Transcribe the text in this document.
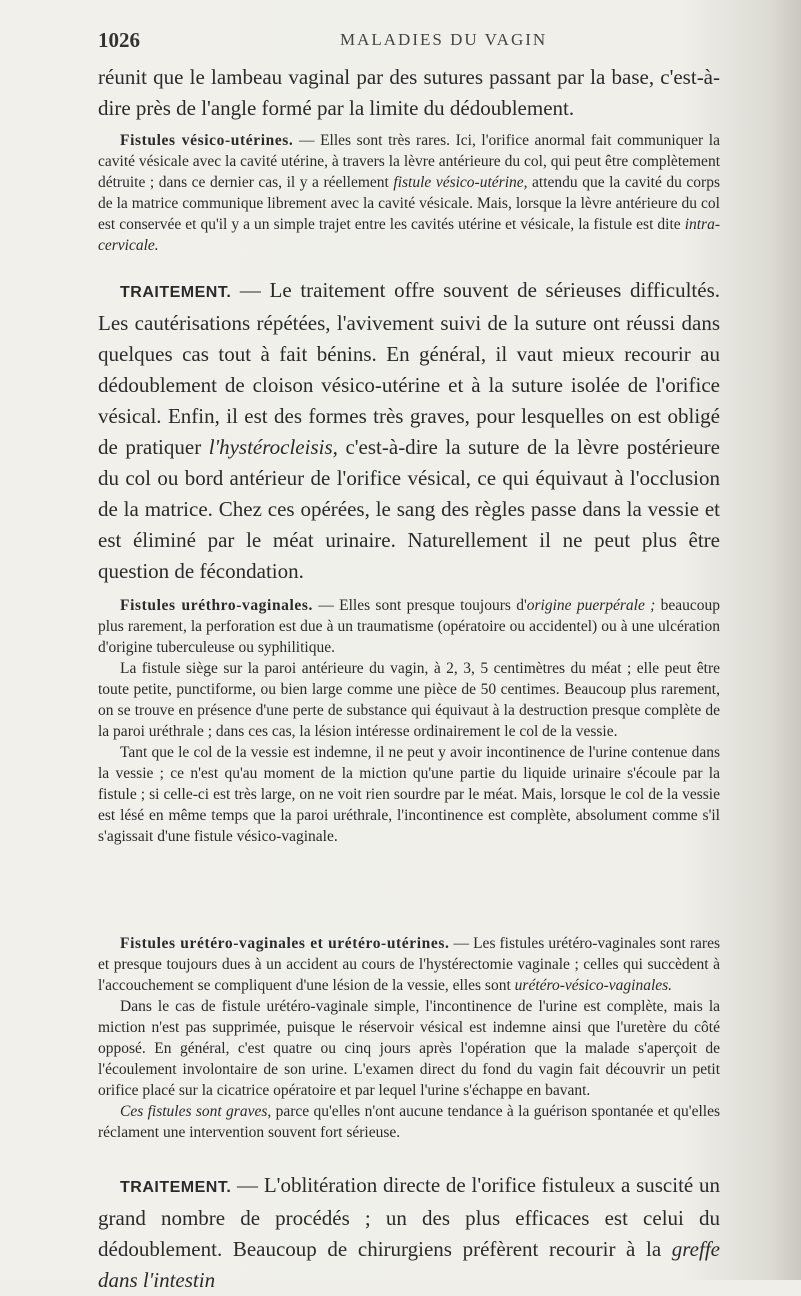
1026	MALADIES DU VAGIN

réunit que le lambeau vaginal par des sutures passant par la base, c'est-à-dire près de l'angle formé par la limite du dédoublement.

Fistules vésico-utérines. — Elles sont très rares. Ici, l'orifice anormal fait communiquer la cavité vésicale avec la cavité utérine, à travers la lèvre antérieure du col, qui peut être complètement détruite ; dans ce dernier cas, il y a réellement fistule vésico-utérine, attendu que la cavité du corps de la matrice communique librement avec la cavité vésicale. Mais, lorsque la lèvre antérieure du col est conservée et qu'il y a un simple trajet entre les cavités utérine et vésicale, la fistule est dite intra-cervicale.

TRAITEMENT. — Le traitement offre souvent de sérieuses difficultés. Les cautérisations répétées, l'avivement suivi de la suture ont réussi dans quelques cas tout à fait bénins. En général, il vaut mieux recourir au dédoublement de cloison vésico-utérine et à la suture isolée de l'orifice vésical. Enfin, il est des formes très graves, pour lesquelles on est obligé de pratiquer l'hystérocleisis, c'est-à-dire la suture de la lèvre postérieure du col ou bord antérieur de l'orifice vésical, ce qui équivaut à l'occlusion de la matrice. Chez ces opérées, le sang des règles passe dans la vessie et est éliminé par le méat urinaire. Naturellement il ne peut plus être question de fécondation.

Fistules uréthro-vaginales. — Elles sont presque toujours d'origine puerpérale ; beaucoup plus rarement, la perforation est due à un traumatisme (opératoire ou accidentel) ou à une ulcération d'origine tuberculeuse ou syphilitique.

La fistule siège sur la paroi antérieure du vagin, à 2, 3, 5 centimètres du méat ; elle peut être toute petite, punctiforme, ou bien large comme une pièce de 50 centimes. Beaucoup plus rarement, on se trouve en présence d'une perte de substance qui équivaut à la destruction presque complète de la paroi uréthrale ; dans ces cas, la lésion intéresse ordinairement le col de la vessie.

Tant que le col de la vessie est indemne, il ne peut y avoir incontinence de l'urine contenue dans la vessie ; ce n'est qu'au moment de la miction qu'une partie du liquide urinaire s'écoule par la fistule ; si celle-ci est très large, on ne voit rien sourdre par le méat. Mais, lorsque le col de la vessie est lésé en même temps que la paroi uréthrale, l'incontinence est complète, absolument comme s'il s'agissait d'une fistule vésico-vaginale.

Fistules urétéro-vaginales et urétéro-utérines. — Les fistules urétéro-vaginales sont rares et presque toujours dues à un accident au cours de l'hystérectomie vaginale ; celles qui succèdent à l'accouchement se compliquent d'une lésion de la vessie, elles sont urétéro-vésico-vaginales.

Dans le cas de fistule urétéro-vaginale simple, l'incontinence de l'urine est complète, mais la miction n'est pas supprimée, puisque le réservoir vésical est indemne ainsi que l'uretère du côté opposé. En général, c'est quatre ou cinq jours après l'opération que la malade s'aperçoit de l'écoulement involontaire de son urine. L'examen direct du fond du vagin fait découvrir un petit orifice placé sur la cicatrice opératoire et par lequel l'urine s'échappe en bavant.

Ces fistules sont graves, parce qu'elles n'ont aucune tendance à la guérison spontanée et qu'elles réclament une intervention souvent fort sérieuse.

TRAITEMENT. — L'oblitération directe de l'orifice fistuleux a suscité un grand nombre de procédés ; un des plus efficaces est celui du dédoublement. Beaucoup de chirurgiens préfèrent recourir à la greffe dans l'intestin
